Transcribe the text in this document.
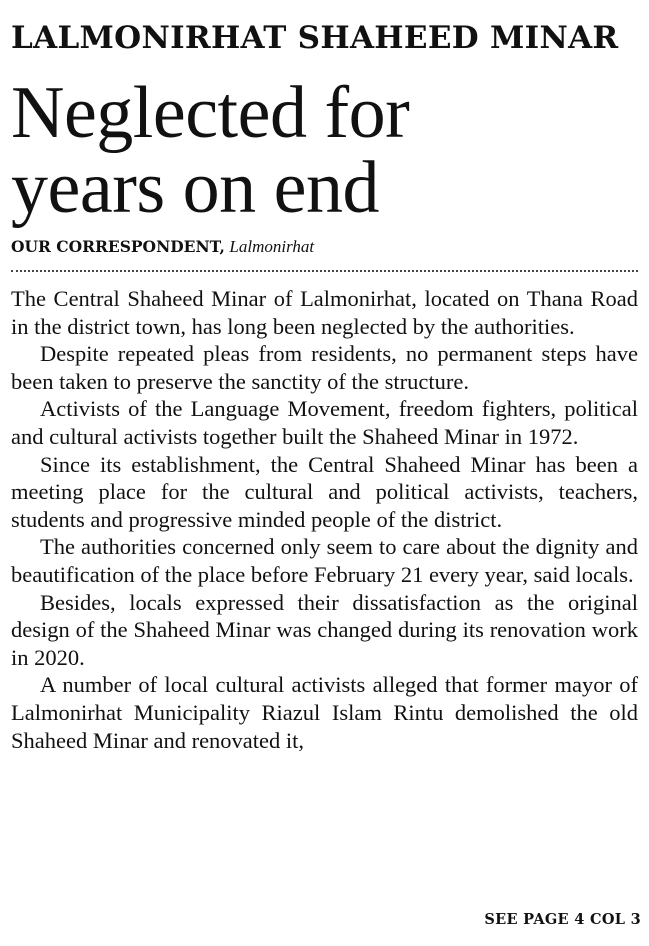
LALMONIRHAT SHAHEED MINAR
Neglected for
years on end
OUR CORRESPONDENT, Lalmonirhat

The Central Shaheed Minar of Lalmonirhat, located on Thana Road in the district town, has long been neglected by the authorities.

Despite repeated pleas from residents, no permanent steps have been taken to preserve the sanctity of the structure.

Activists of the Language Movement, freedom fighters, political and cultural activists together built the Shaheed Minar in 1972.

Since its establishment, the Central Shaheed Minar has been a meeting place for the cultural and political activists, teachers, students and progressive minded people of the district.

The authorities concerned only seem to care about the dignity and beautification of the place before February 21 every year, said locals.

Besides, locals expressed their dissatisfaction as the original design of the Shaheed Minar was changed during its renovation work in 2020.

A number of local cultural activists alleged that former mayor of Lalmonirhat Municipality Riazul Islam Rintu demolished the old Shaheed Minar and renovated it,

SEE PAGE 4 COL 3
